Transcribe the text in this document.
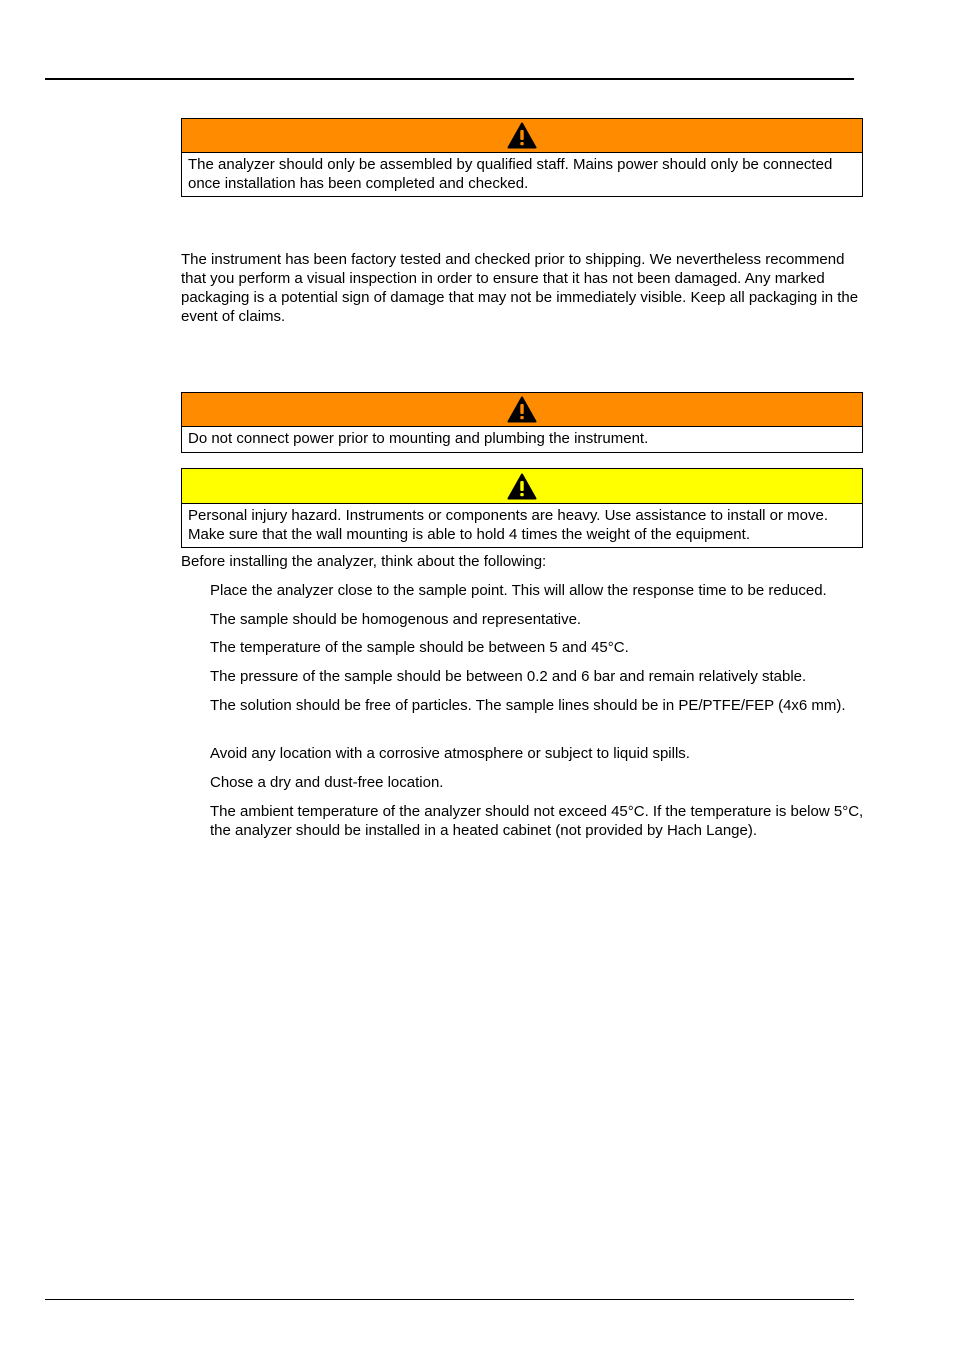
The analyzer should only be assembled by qualified staff. Mains power should only be connected once installation has been completed and checked.

The instrument has been factory tested and checked prior to shipping. We nevertheless recommend that you perform a visual inspection in order to ensure that it has not been damaged. Any marked packaging is a potential sign of damage that may not be immediately visible. Keep all packaging in the event of claims.

Do not connect power prior to mounting and plumbing the instrument.
Personal injury hazard. Instruments or components are heavy. Use assistance to install or move. Make sure that the wall mounting is able to hold 4 times the weight of the equipment.

Before installing the analyzer, think about the following:

Place the analyzer close to the sample point. This will allow the response time to be reduced.

The sample should be homogenous and representative.

The temperature of the sample should be between 5 and 45°C.

The pressure of the sample should be between 0.2 and 6 bar and remain relatively stable.

The solution should be free of particles. The sample lines should be in PE/PTFE/FEP (4x6 mm).

Avoid any location with a corrosive atmosphere or subject to liquid spills.

Chose a dry and dust-free location.

The ambient temperature of the analyzer should not exceed 45°C. If the temperature is below 5°C, the analyzer should be installed in a heated cabinet (not provided by Hach Lange).
